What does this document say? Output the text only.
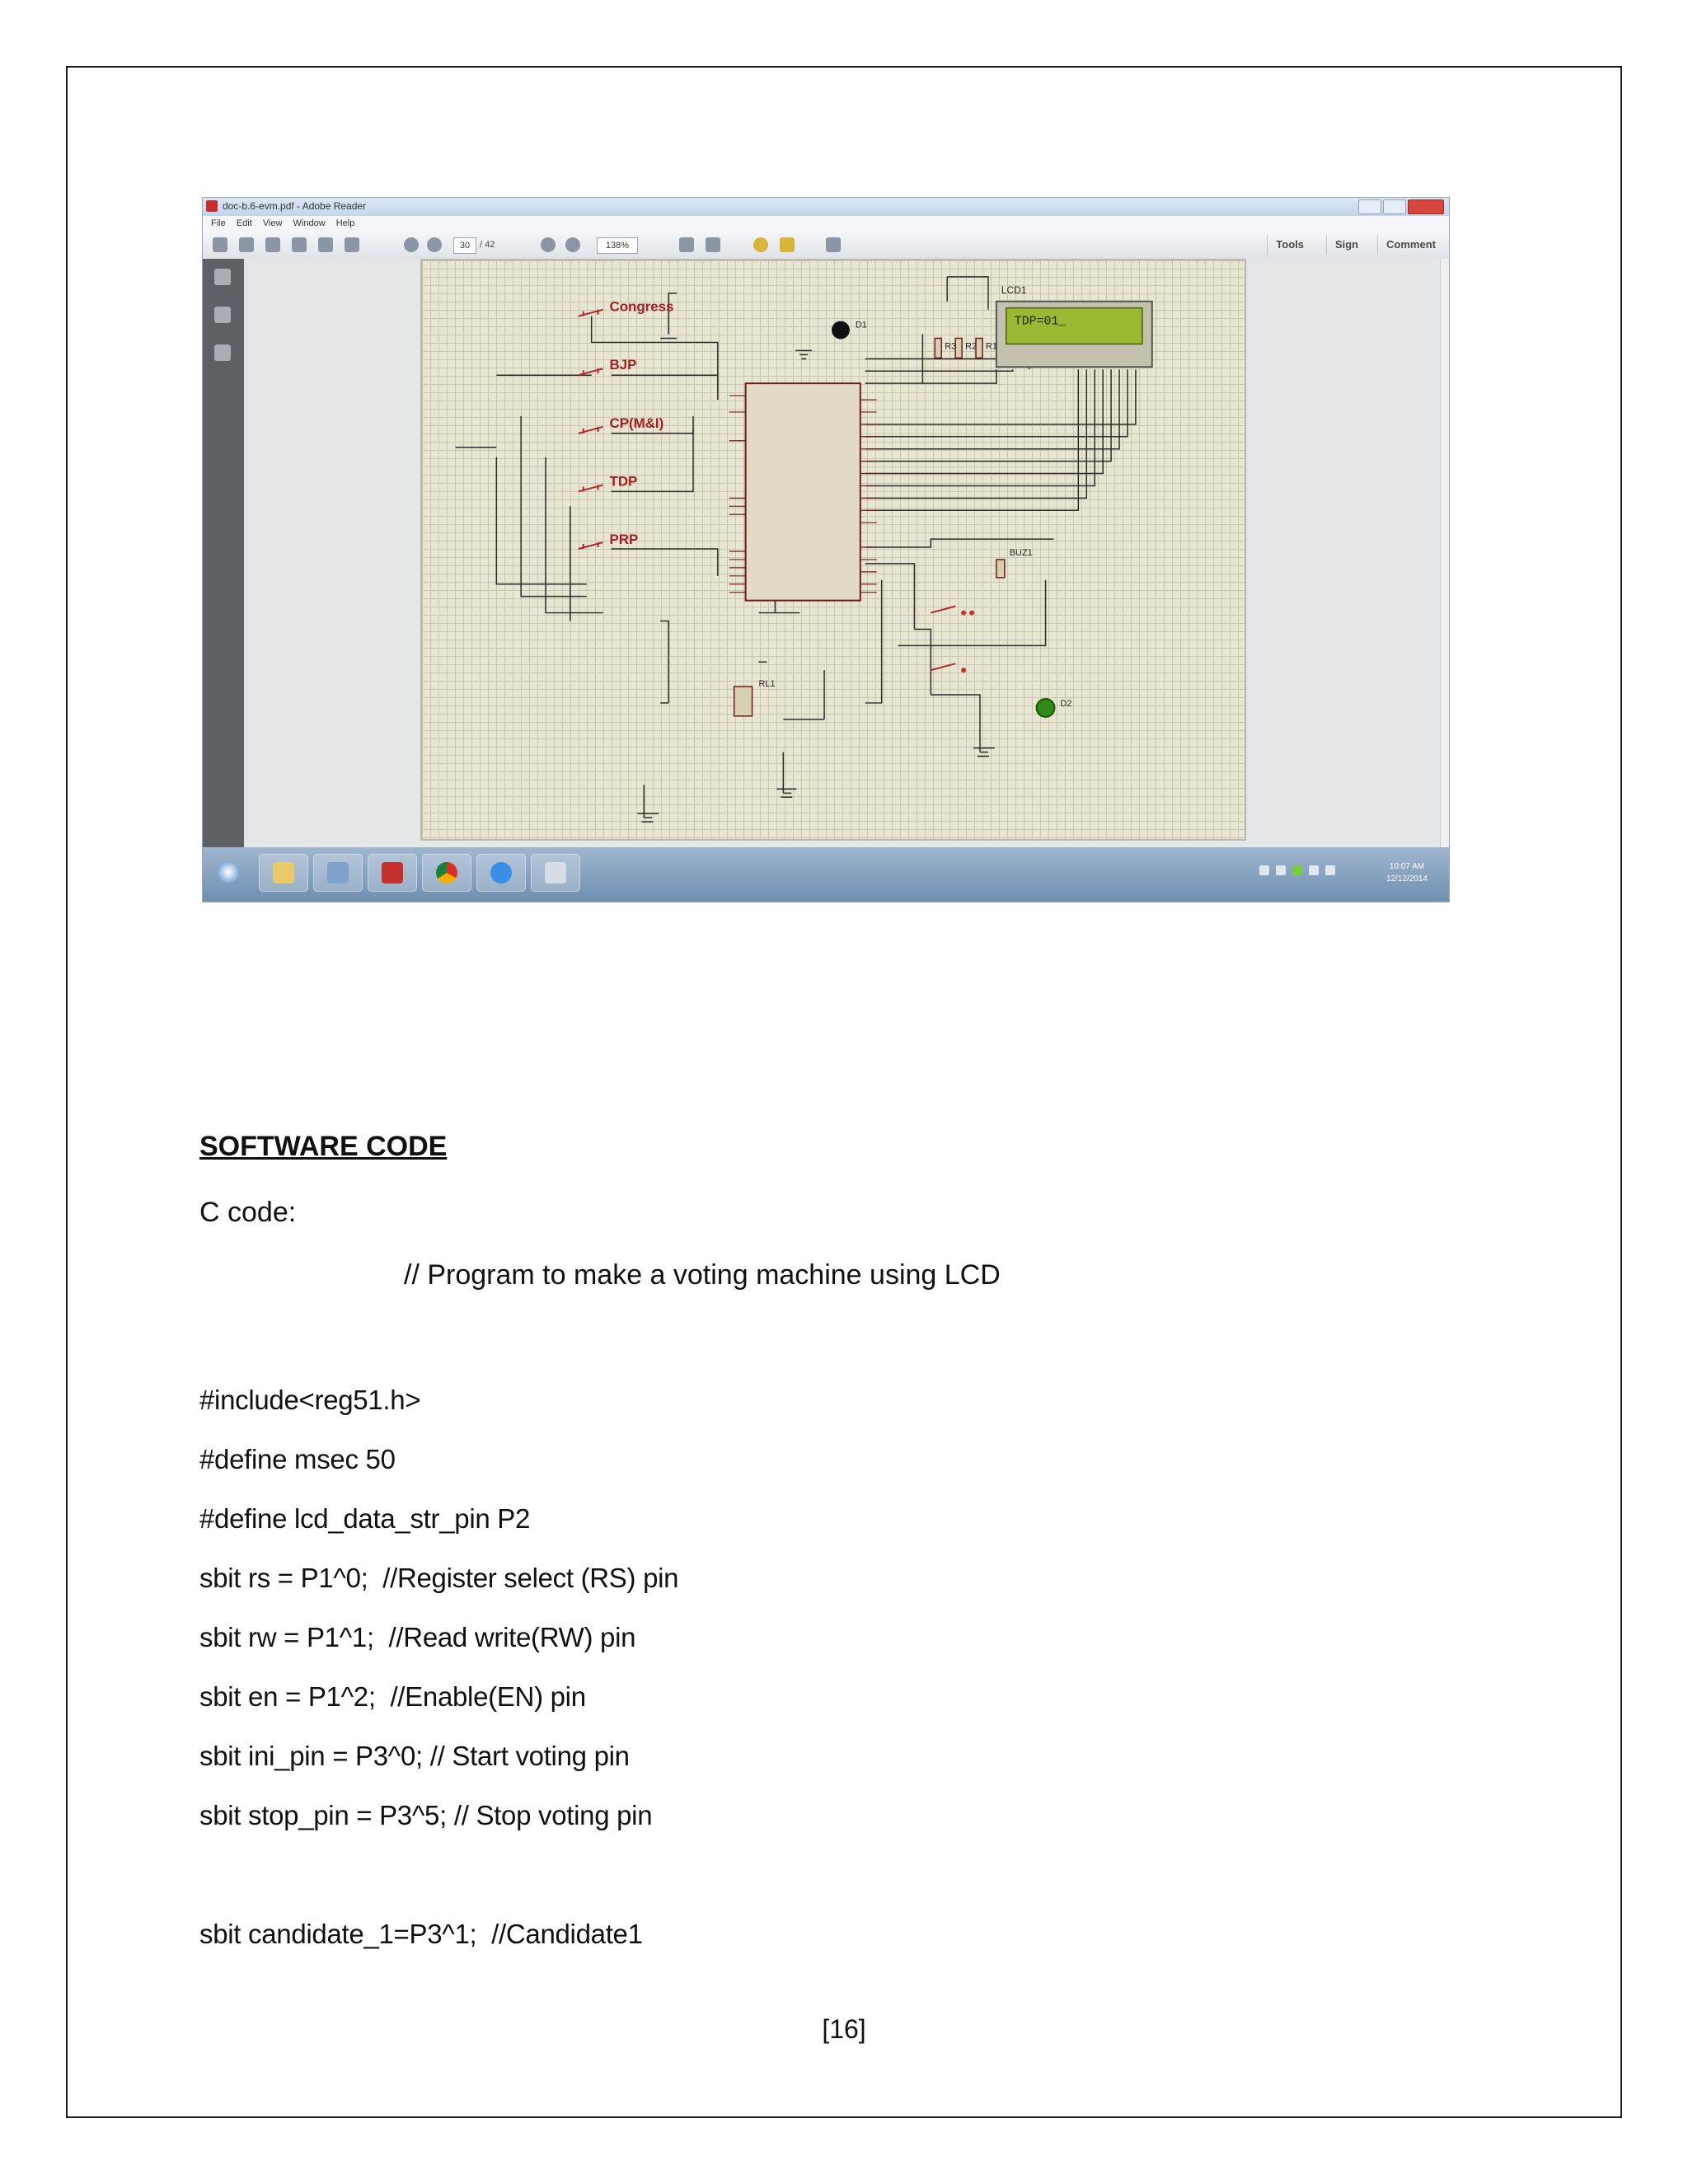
doc-b.6-evm.pdf - Adobe Reader
File Edit View Window Help
30	/ 42	138%	Tools	Sign	Comment
Congress
BJP
CP(M&I)
TDP
PRP
TDP=01_
LCD1
D1
R3 R2 R1
BUZ1
RL1
D2
10:07 AM
12/12/2014
SOFTWARE CODE
C code:
// Program to make a voting machine using LCD
#include<reg51.h>
#define msec 50
#define lcd_data_str_pin P2
sbit rs = P1^0;  //Register select (RS) pin
sbit rw = P1^1;  //Read write(RW) pin
sbit en = P1^2;  //Enable(EN) pin
sbit ini_pin = P3^0; // Start voting pin
sbit stop_pin = P3^5; // Stop voting pin
sbit candidate_1=P3^1;  //Candidate1
[16]
